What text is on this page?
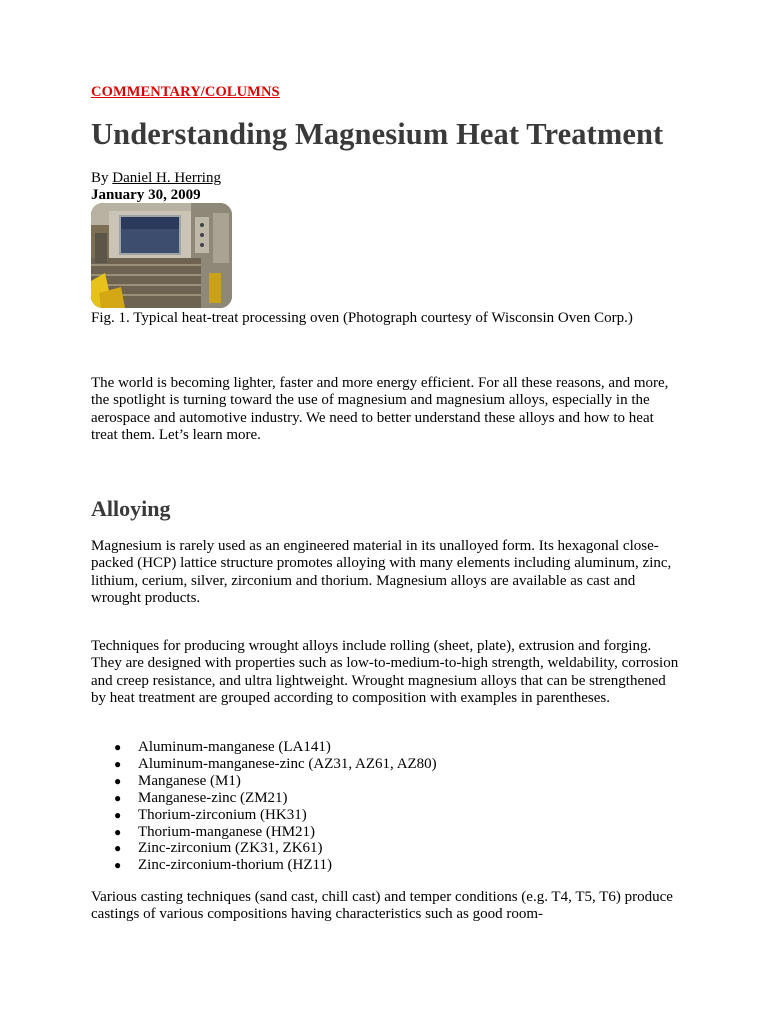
COMMENTARY/COLUMNS
Understanding Magnesium Heat Treatment
By Daniel H. Herring
January 30, 2009
Fig. 1. Typical heat-treat processing oven (Photograph courtesy of Wisconsin Oven Corp.)

The world is becoming lighter, faster and more energy efficient. For all these reasons, and more, the spotlight is turning toward the use of magnesium and magnesium alloys, especially in the aerospace and automotive industry. We need to better understand these alloys and how to heat treat them. Let’s learn more.

Alloying

Magnesium is rarely used as an engineered material in its unalloyed form. Its hexagonal close-packed (HCP) lattice structure promotes alloying with many elements including aluminum, zinc, lithium, cerium, silver, zirconium and thorium. Magnesium alloys are available as cast and wrought products.

Techniques for producing wrought alloys include rolling (sheet, plate), extrusion and forging. They are designed with properties such as low-to-medium-to-high strength, weldability, corrosion and creep resistance, and ultra lightweight. Wrought magnesium alloys that can be strengthened by heat treatment are grouped according to composition with examples in parentheses.

● Aluminum-manganese (LA141)
● Aluminum-manganese-zinc (AZ31, AZ61, AZ80)
● Manganese (M1)
● Manganese-zinc (ZM21)
● Thorium-zirconium (HK31)
● Thorium-manganese (HM21)
● Zinc-zirconium (ZK31, ZK61)
● Zinc-zirconium-thorium (HZ11)

Various casting techniques (sand cast, chill cast) and temper conditions (e.g. T4, T5, T6) produce castings of various compositions having characteristics such as good room-
